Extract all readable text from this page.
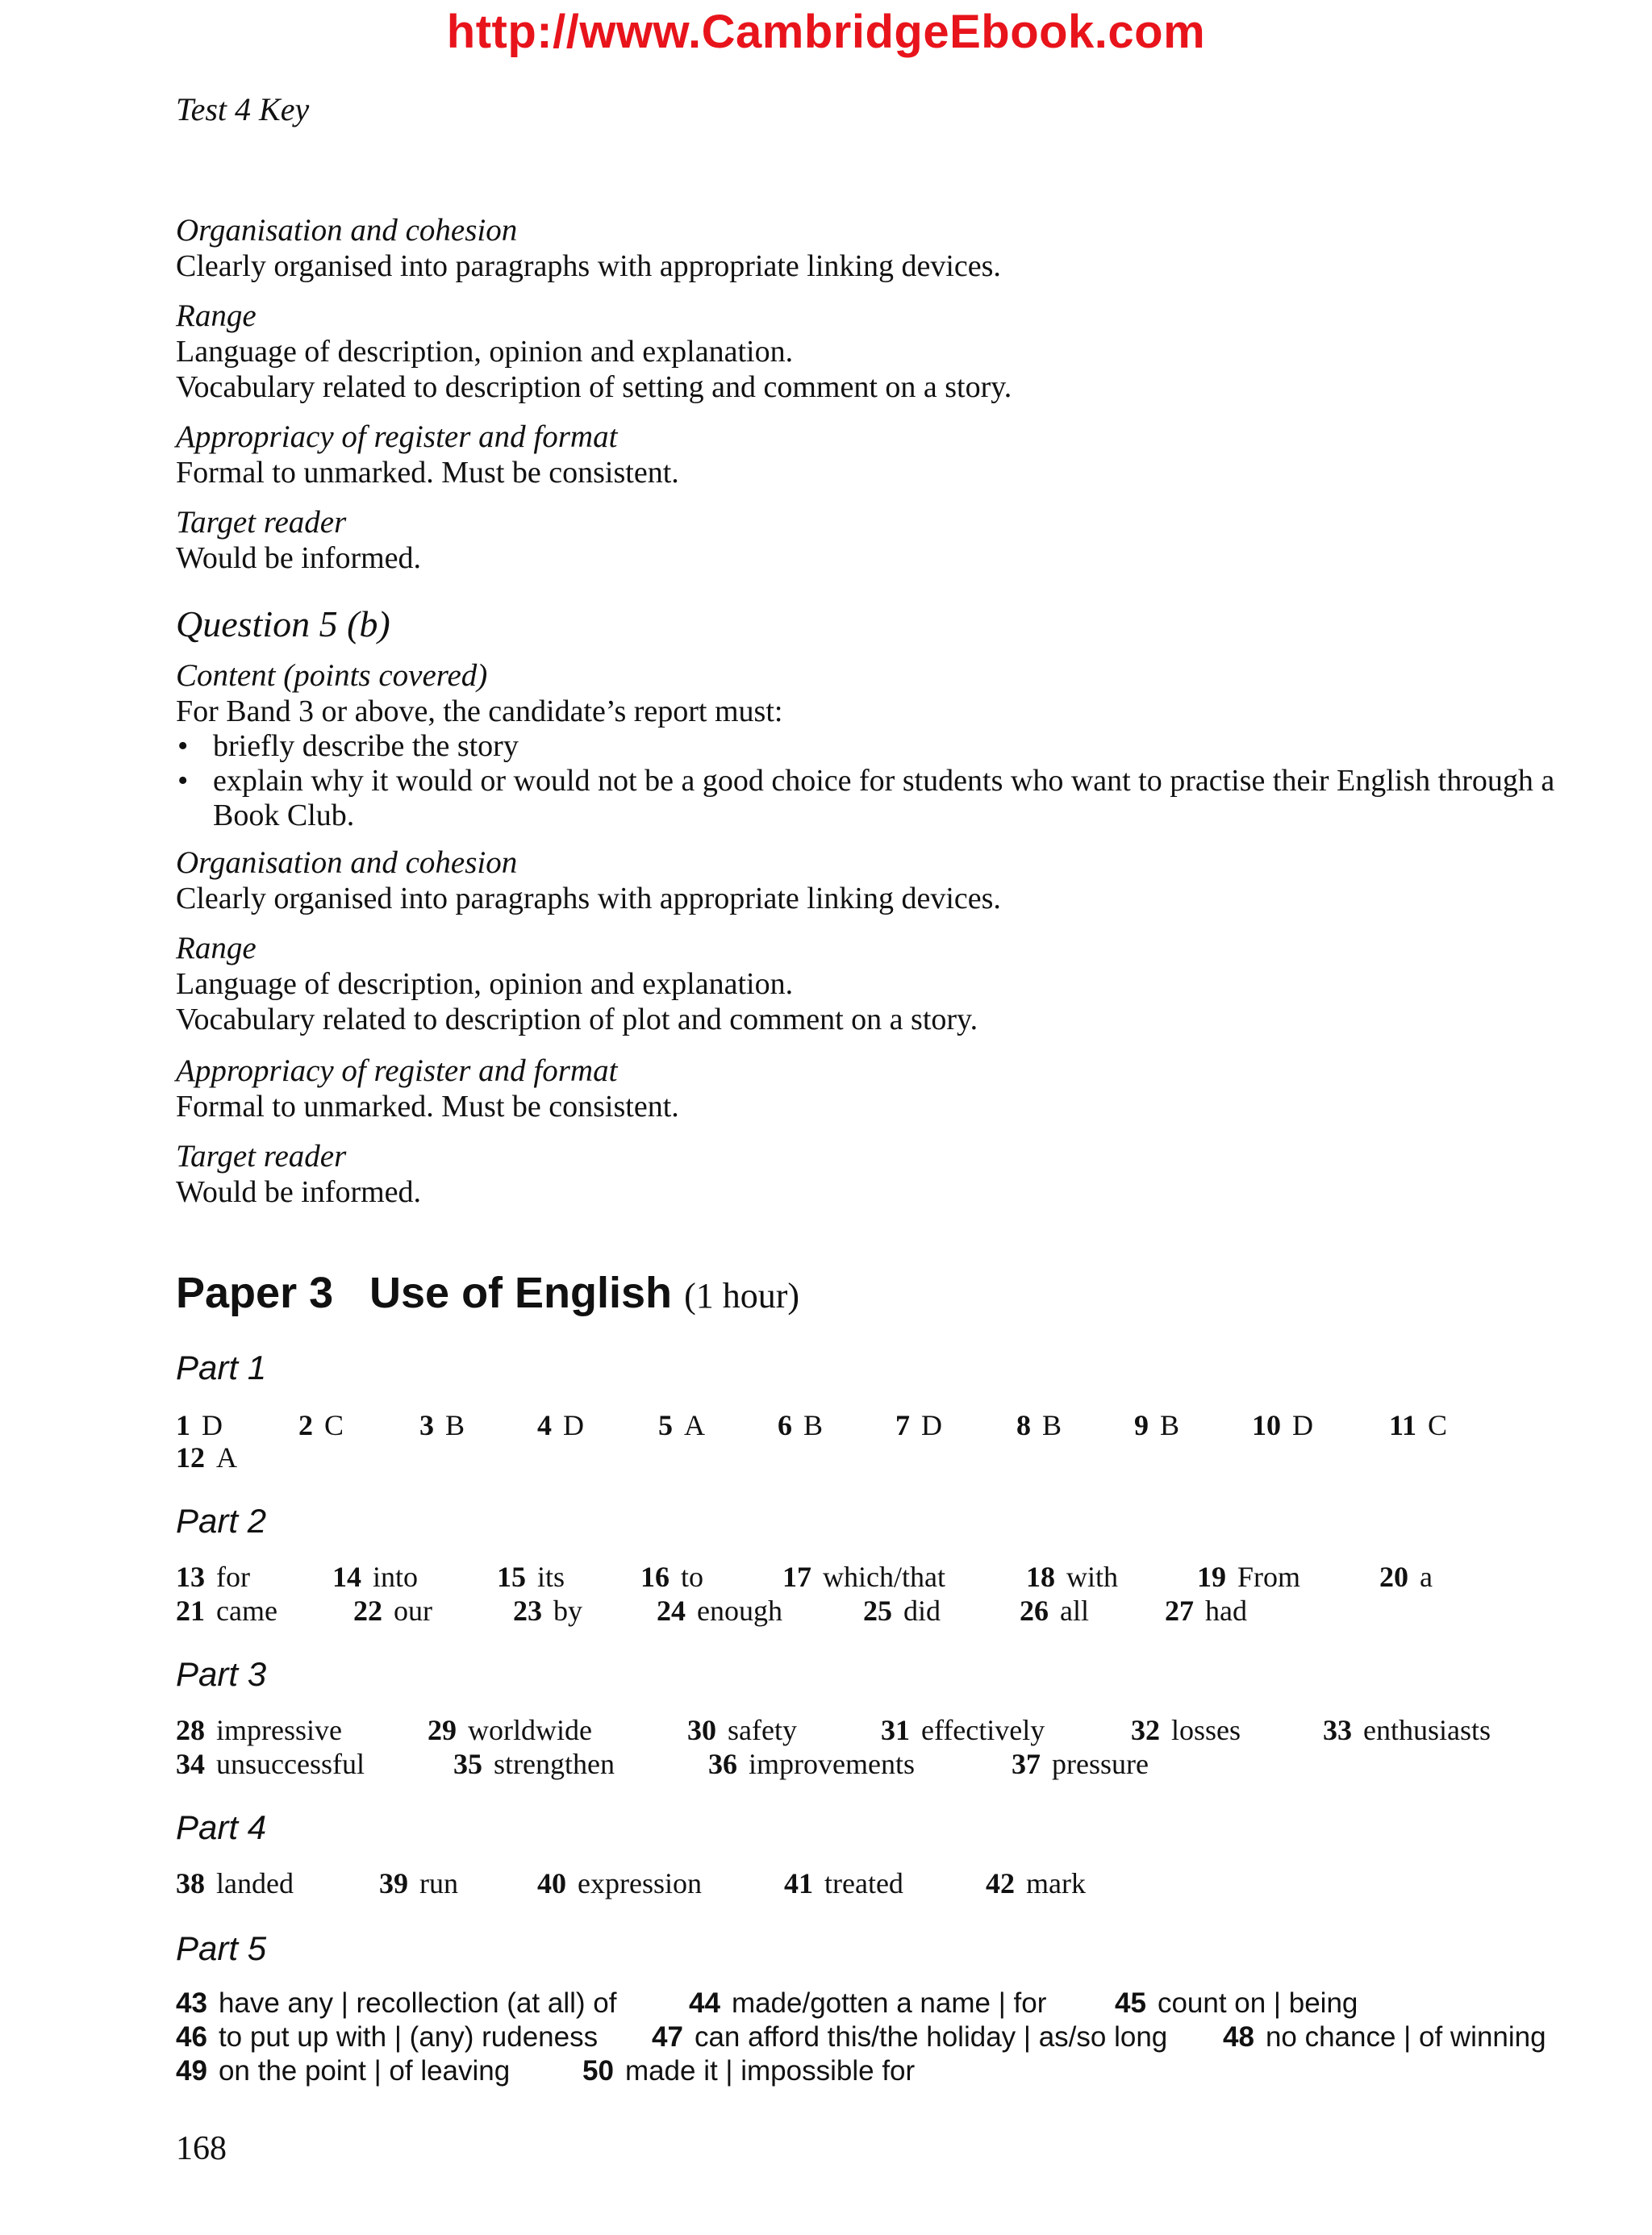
http://www.CambridgeEbook.com
Test 4 Key
Organisation and cohesion
Clearly organised into paragraphs with appropriate linking devices.
Range
Language of description, opinion and explanation.
Vocabulary related to description of setting and comment on a story.
Appropriacy of register and format
Formal to unmarked. Must be consistent.
Target reader
Would be informed.
Question 5 (b)
Content (points covered)
For Band 3 or above, the candidate’s report must:
• briefly describe the story
• explain why it would or would not be a good choice for students who want to practise their English through a Book Club.
Organisation and cohesion
Clearly organised into paragraphs with appropriate linking devices.
Range
Language of description, opinion and explanation.
Vocabulary related to description of plot and comment on a story.
Appropriacy of register and format
Formal to unmarked. Must be consistent.
Target reader
Would be informed.
Paper 3 Use of English (1 hour)
Part 1
Part 2
Part 3
Part 4
Part 5
1 D	2 C	3 B 4 D	5 A	6 B 7 D	8 B 9 B 10 D	11 C
12 A
13 for	14 into	15 its	16 to	17 which/that	18 with	19 From	20 a
21 came	22 our	23 by	24 enough	25 did	26 all	27 had
28 impressive	29 worldwide	30 safety	31 effectively	32 losses	33 enthusiasts
34 unsuccessful	35 strengthen	36 improvements	37 pressure
38 landed	39 run	40 expression	41 treated	42 mark
43 have any | recollection (at all) of	44 made/gotten a name | for 45 count on | being
46 to put up with | (any) rudeness 47 can afford this/the holiday | as/so long 48 no chance | of winning
49 on the point | of leaving	50 made it | impossible for
168
